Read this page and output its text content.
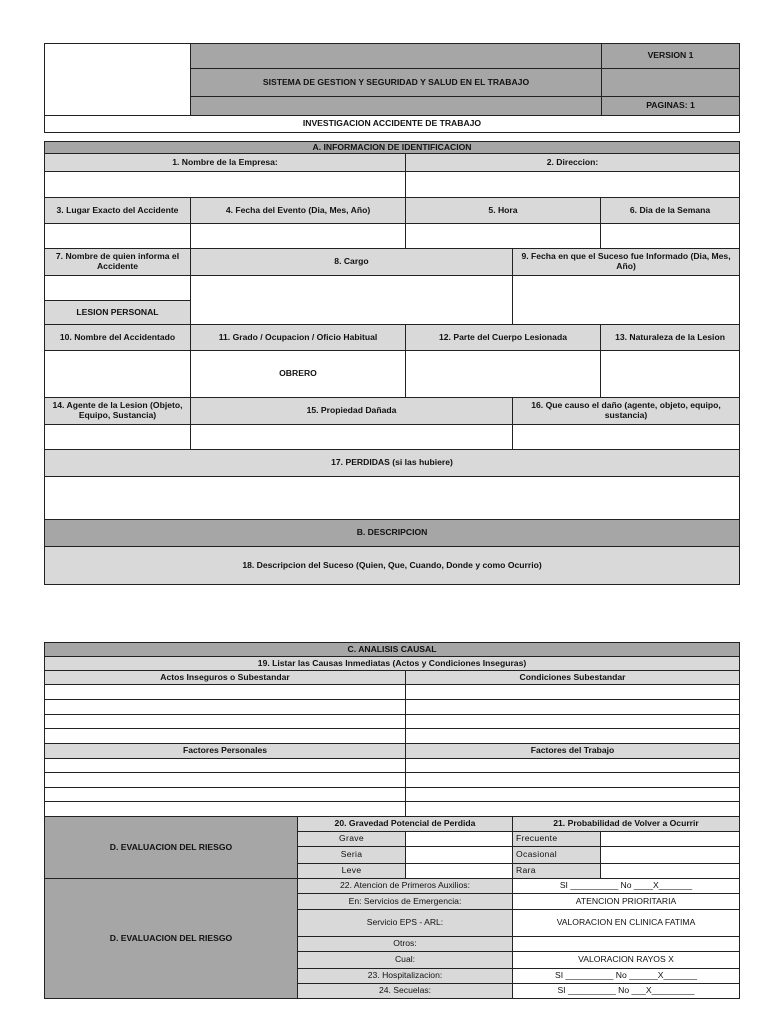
		VERSION 1
	SISTEMA DE GESTION Y SEGURIDAD Y SALUD EN EL TRABAJO	
		PAGINAS: 1
INVESTIGACION ACCIDENTE DE TRABAJO		
A. INFORMACION DE IDENTIFICACION				
1. Nombre de la Empresa:		2. Direccion:		

3. Lugar Exacto del Accidente	4. Fecha del Evento (Dia, Mes, Año)	5. Hora		6. Dia de la Semana

7. Nombre de quien informa el Accidente	8. Cargo		9. Fecha en que el Suceso fue Informado (Dia, Mes, Año)	

LESION PERSONAL				
10. Nombre del Accidentado	11. Grado / Ocupacion / Oficio Habitual	12. Parte del Cuerpo Lesionada		13. Naturaleza de la Lesion
	OBRERO			
14. Agente de la Lesion (Objeto, Equipo, Sustancia)	15. Propiedad Dañada		16. Que causo el daño (agente, objeto, equipo, sustancia)	

17. PERDIDAS (si las hubiere)				

B. DESCRIPCION				
18. Descripcion del Suceso (Quien, Que, Cuando, Donde y como Ocurrio)				
C. ANALISIS CAUSAL				
19. Listar las Causas Inmediatas (Actos y Condiciones Inseguras)				
Actos Inseguros o Subestandar		Condiciones Subestandar		

Factores Personales		Factores del Trabajo		

D. EVALUACION DEL RIESGO	20. Gravedad Potencial de Perdida		21. Probabilidad de Volver a Ocurrir	
	Grave		Frecuente	
	Seria		Ocasional	
	Leve		Rara	
D. EVALUACION DEL RIESGO	22. Atencion de Primeros Auxilios:		SI __________ No ____X_______	
	En: Servicios de Emergencia:		ATENCION PRIORITARIA	
	Servicio EPS - ARL:		VALORACION EN CLINICA FATIMA	
	Otros:			
	Cual:		VALORACION RAYOS X	
	23. Hospitalizacion:		SI __________ No ______X_______	
	24. Secuelas:		SI __________ No ___X_________	
